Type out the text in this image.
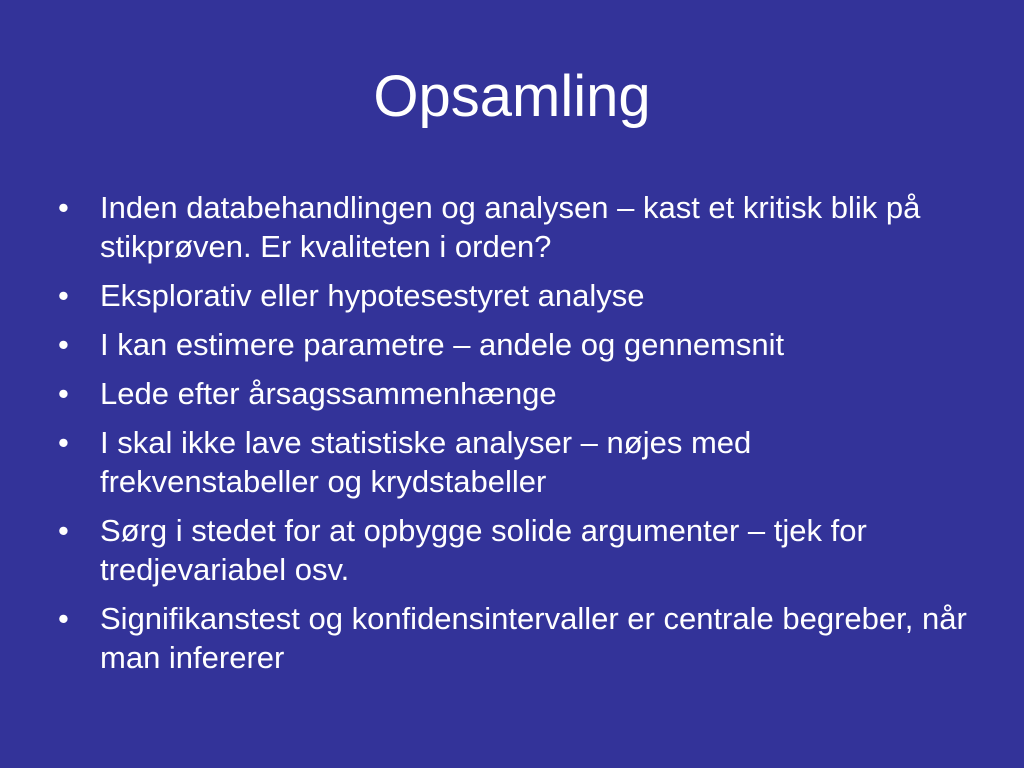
Opsamling
• Inden databehandlingen og analysen – kast et kritisk blik på stikprøven. Er kvaliteten i orden?
• Eksplorativ eller hypotesestyret analyse
• I kan estimere parametre – andele og gennemsnit
• Lede efter årsagssammenhænge
• I skal ikke lave statistiske analyser – nøjes med frekvenstabeller og krydstabeller
• Sørg i stedet for at opbygge solide argumenter – tjek for tredjevariabel osv.
• Signifikanstest og konfidensintervaller er centrale begreber, når man infererer
